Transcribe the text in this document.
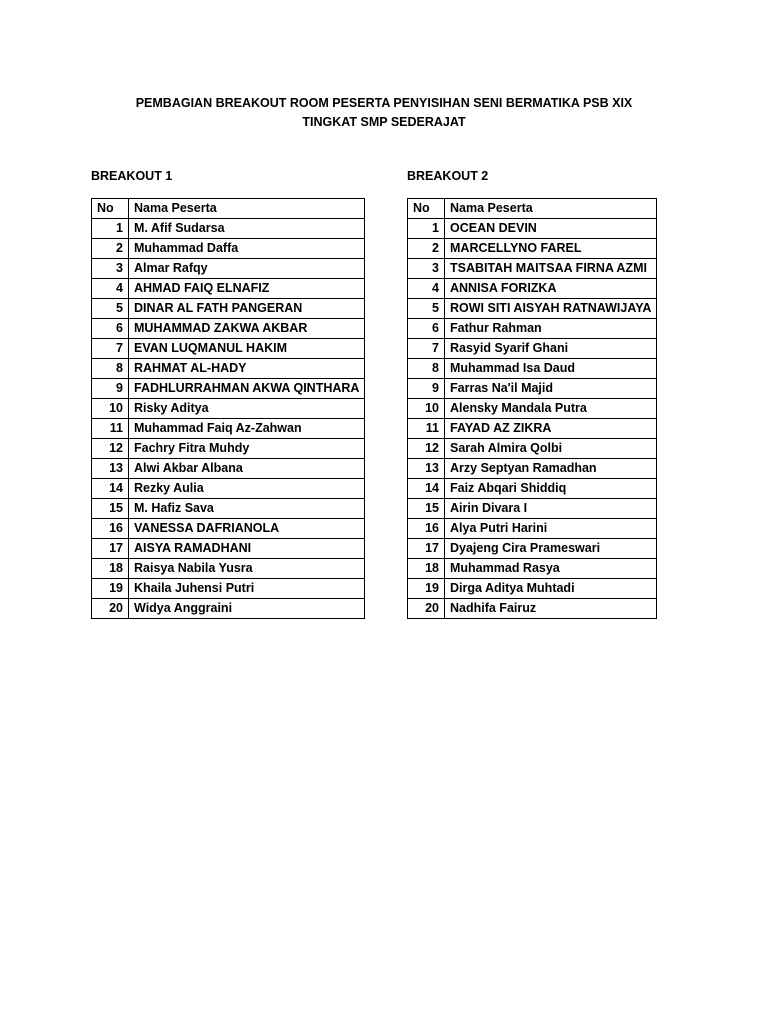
PEMBAGIAN BREAKOUT ROOM PESERTA PENYISIHAN SENI BERMATIKA PSB XIX
TINGKAT SMP SEDERAJAT
BREAKOUT 1
No	Nama Peserta
1	M. Afif Sudarsa
2	Muhammad Daffa
3	Almar Rafqy
4	AHMAD FAIQ ELNAFIZ
5	DINAR AL FATH PANGERAN
6	MUHAMMAD ZAKWA AKBAR
7	EVAN LUQMANUL HAKIM
8	RAHMAT AL-HADY
9	FADHLURRAHMAN AKWA QINTHARA
10	Risky Aditya
11	Muhammad Faiq Az-Zahwan
12	Fachry Fitra Muhdy
13	Alwi Akbar Albana
14	Rezky Aulia
15	M. Hafiz Sava
16	VANESSA DAFRIANOLA
17	AISYA RAMADHANI
18	Raisya Nabila Yusra
19	Khaila Juhensi Putri
20	Widya Anggraini
BREAKOUT 2
No	Nama Peserta
1	OCEAN DEVIN
2	MARCELLYNO FAREL
3	TSABITAH MAITSAA FIRNA AZMI
4	ANNISA FORIZKA
5	ROWI SITI AISYAH RATNAWIJAYA
6	Fathur Rahman
7	Rasyid Syarif Ghani
8	Muhammad Isa Daud
9	Farras Na'il Majid
10	Alensky Mandala Putra
11	FAYAD AZ ZIKRA
12	Sarah Almira Qolbi
13	Arzy Septyan Ramadhan
14	Faiz Abqari Shiddiq
15	Airin Divara I
16	Alya Putri Harini
17	Dyajeng Cira Prameswari
18	Muhammad Rasya
19	Dirga Aditya Muhtadi
20	Nadhifa Fairuz
